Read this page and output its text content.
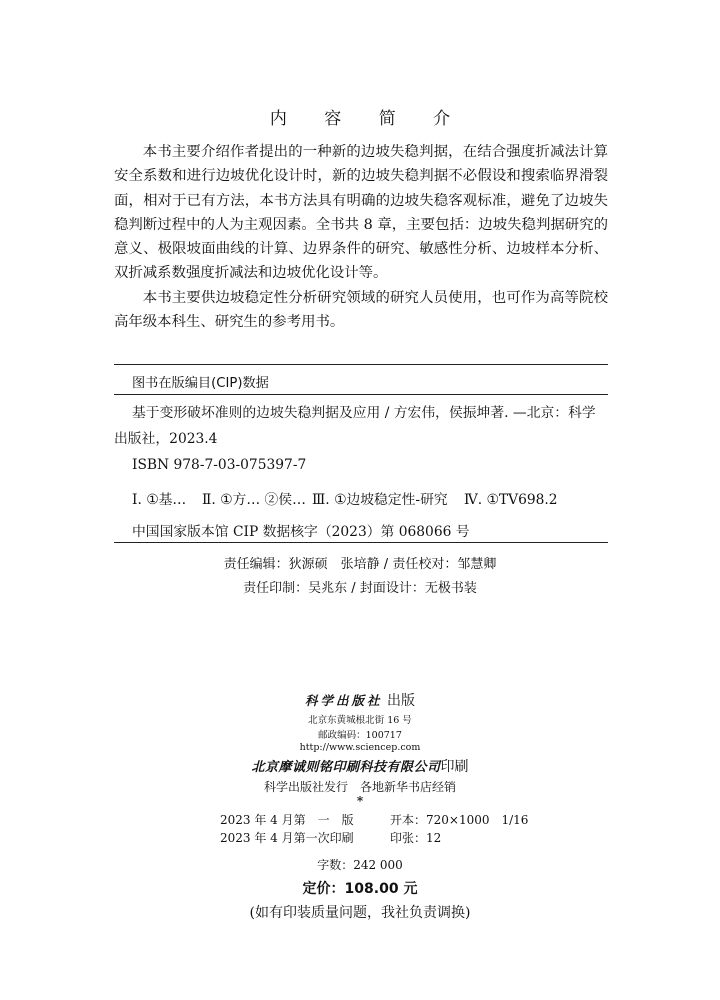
内 容 简 介

本书主要介绍作者提出的一种新的边坡失稳判据，在结合强度折减法计算安全系数和进行边坡优化设计时，新的边坡失稳判据不必假设和搜索临界滑裂面，相对于已有方法，本书方法具有明确的边坡失稳客观标准，避免了边坡失稳判断过程中的人为主观因素。全书共 8 章，主要包括：边坡失稳判据研究的意义、极限坡面曲线的计算、边界条件的研究、敏感性分析、边坡样本分析、双折减系数强度折减法和边坡优化设计等。

本书主要供边坡稳定性分析研究领域的研究人员使用，也可作为高等院校高年级本科生、研究生的参考用书。

图书在版编目(CIP)数据
基于变形破坏准则的边坡失稳判据及应用 / 方宏伟，侯振坤著. —北京：科学出版社，2023.4
ISBN 978-7-03-075397-7
Ⅰ. ①基… Ⅱ. ①方… ②侯… Ⅲ. ①边坡稳定性-研究 Ⅳ. ①TV698.2
中国国家版本馆 CIP 数据核字（2023）第 068066 号
责任编辑：狄源硕　张培静 / 责任校对：邹慧卿
责任印制：吴兆东 / 封面设计：无极书装
科学出版社 出版
北京东黄城根北街 16 号
邮政编码：100717
http://www.sciencep.com
北京摩诚则铭印刷科技有限公司印刷
科学出版社发行　各地新华书店经销
*
2023 年 4 月第　一　版	开本：720×1000　1/16
2023 年 4 月第一次印刷	印张：12
字数：242 000
定价：108.00 元
(如有印装质量问题，我社负责调换)
